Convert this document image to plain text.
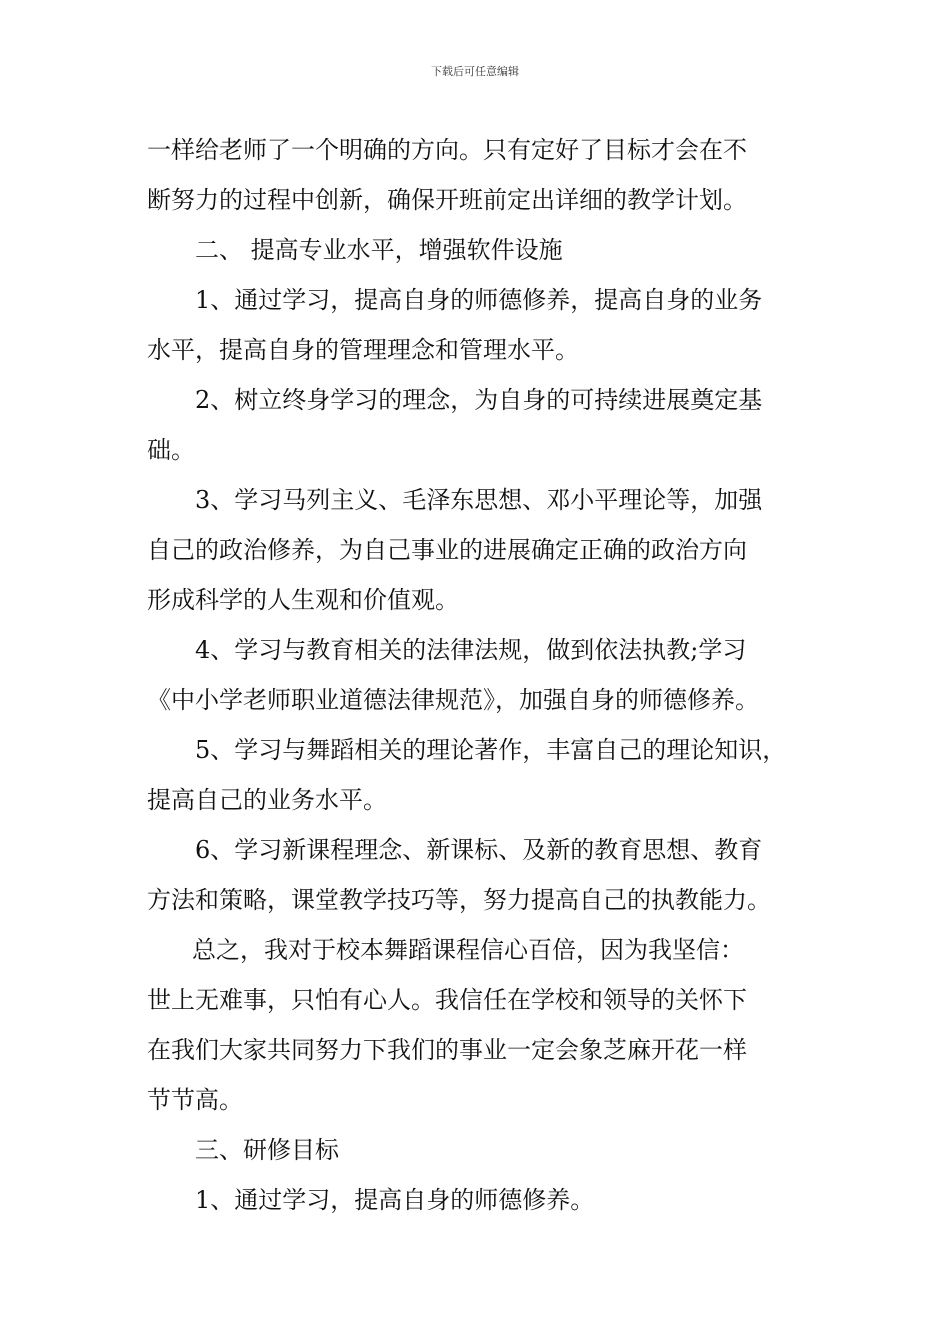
下载后可任意编辑
一样给老师了一个明确的方向。只有定好了目标才会在不
断努力的过程中创新，确保开班前定出详细的教学计划。
二、 提高专业水平，增强软件设施
1、通过学习，提高自身的师德修养，提高自身的业务
水平，提高自身的管理理念和管理水平。
2、树立终身学习的理念，为自身的可持续进展奠定基
础。
3、学习马列主义、毛泽东思想、邓小平理论等，加强
自己的政治修养，为自己事业的进展确定正确的政治方向
形成科学的人生观和价值观。
4、学习与教育相关的法律法规，做到依法执教;学习
《中小学老师职业道德法律规范》，加强自身的师德修养。
5、学习与舞蹈相关的理论著作，丰富自己的理论知识，
提高自己的业务水平。
6、学习新课程理念、新课标、及新的教育思想、教育
方法和策略，课堂教学技巧等，努力提高自己的执教能力。
总之，我对于校本舞蹈课程信心百倍，因为我坚信：
世上无难事，只怕有心人。我信任在学校和领导的关怀下
在我们大家共同努力下我们的事业一定会象芝麻开花一样
节节高。
三、研修目标
1、通过学习，提高自身的师德修养。
